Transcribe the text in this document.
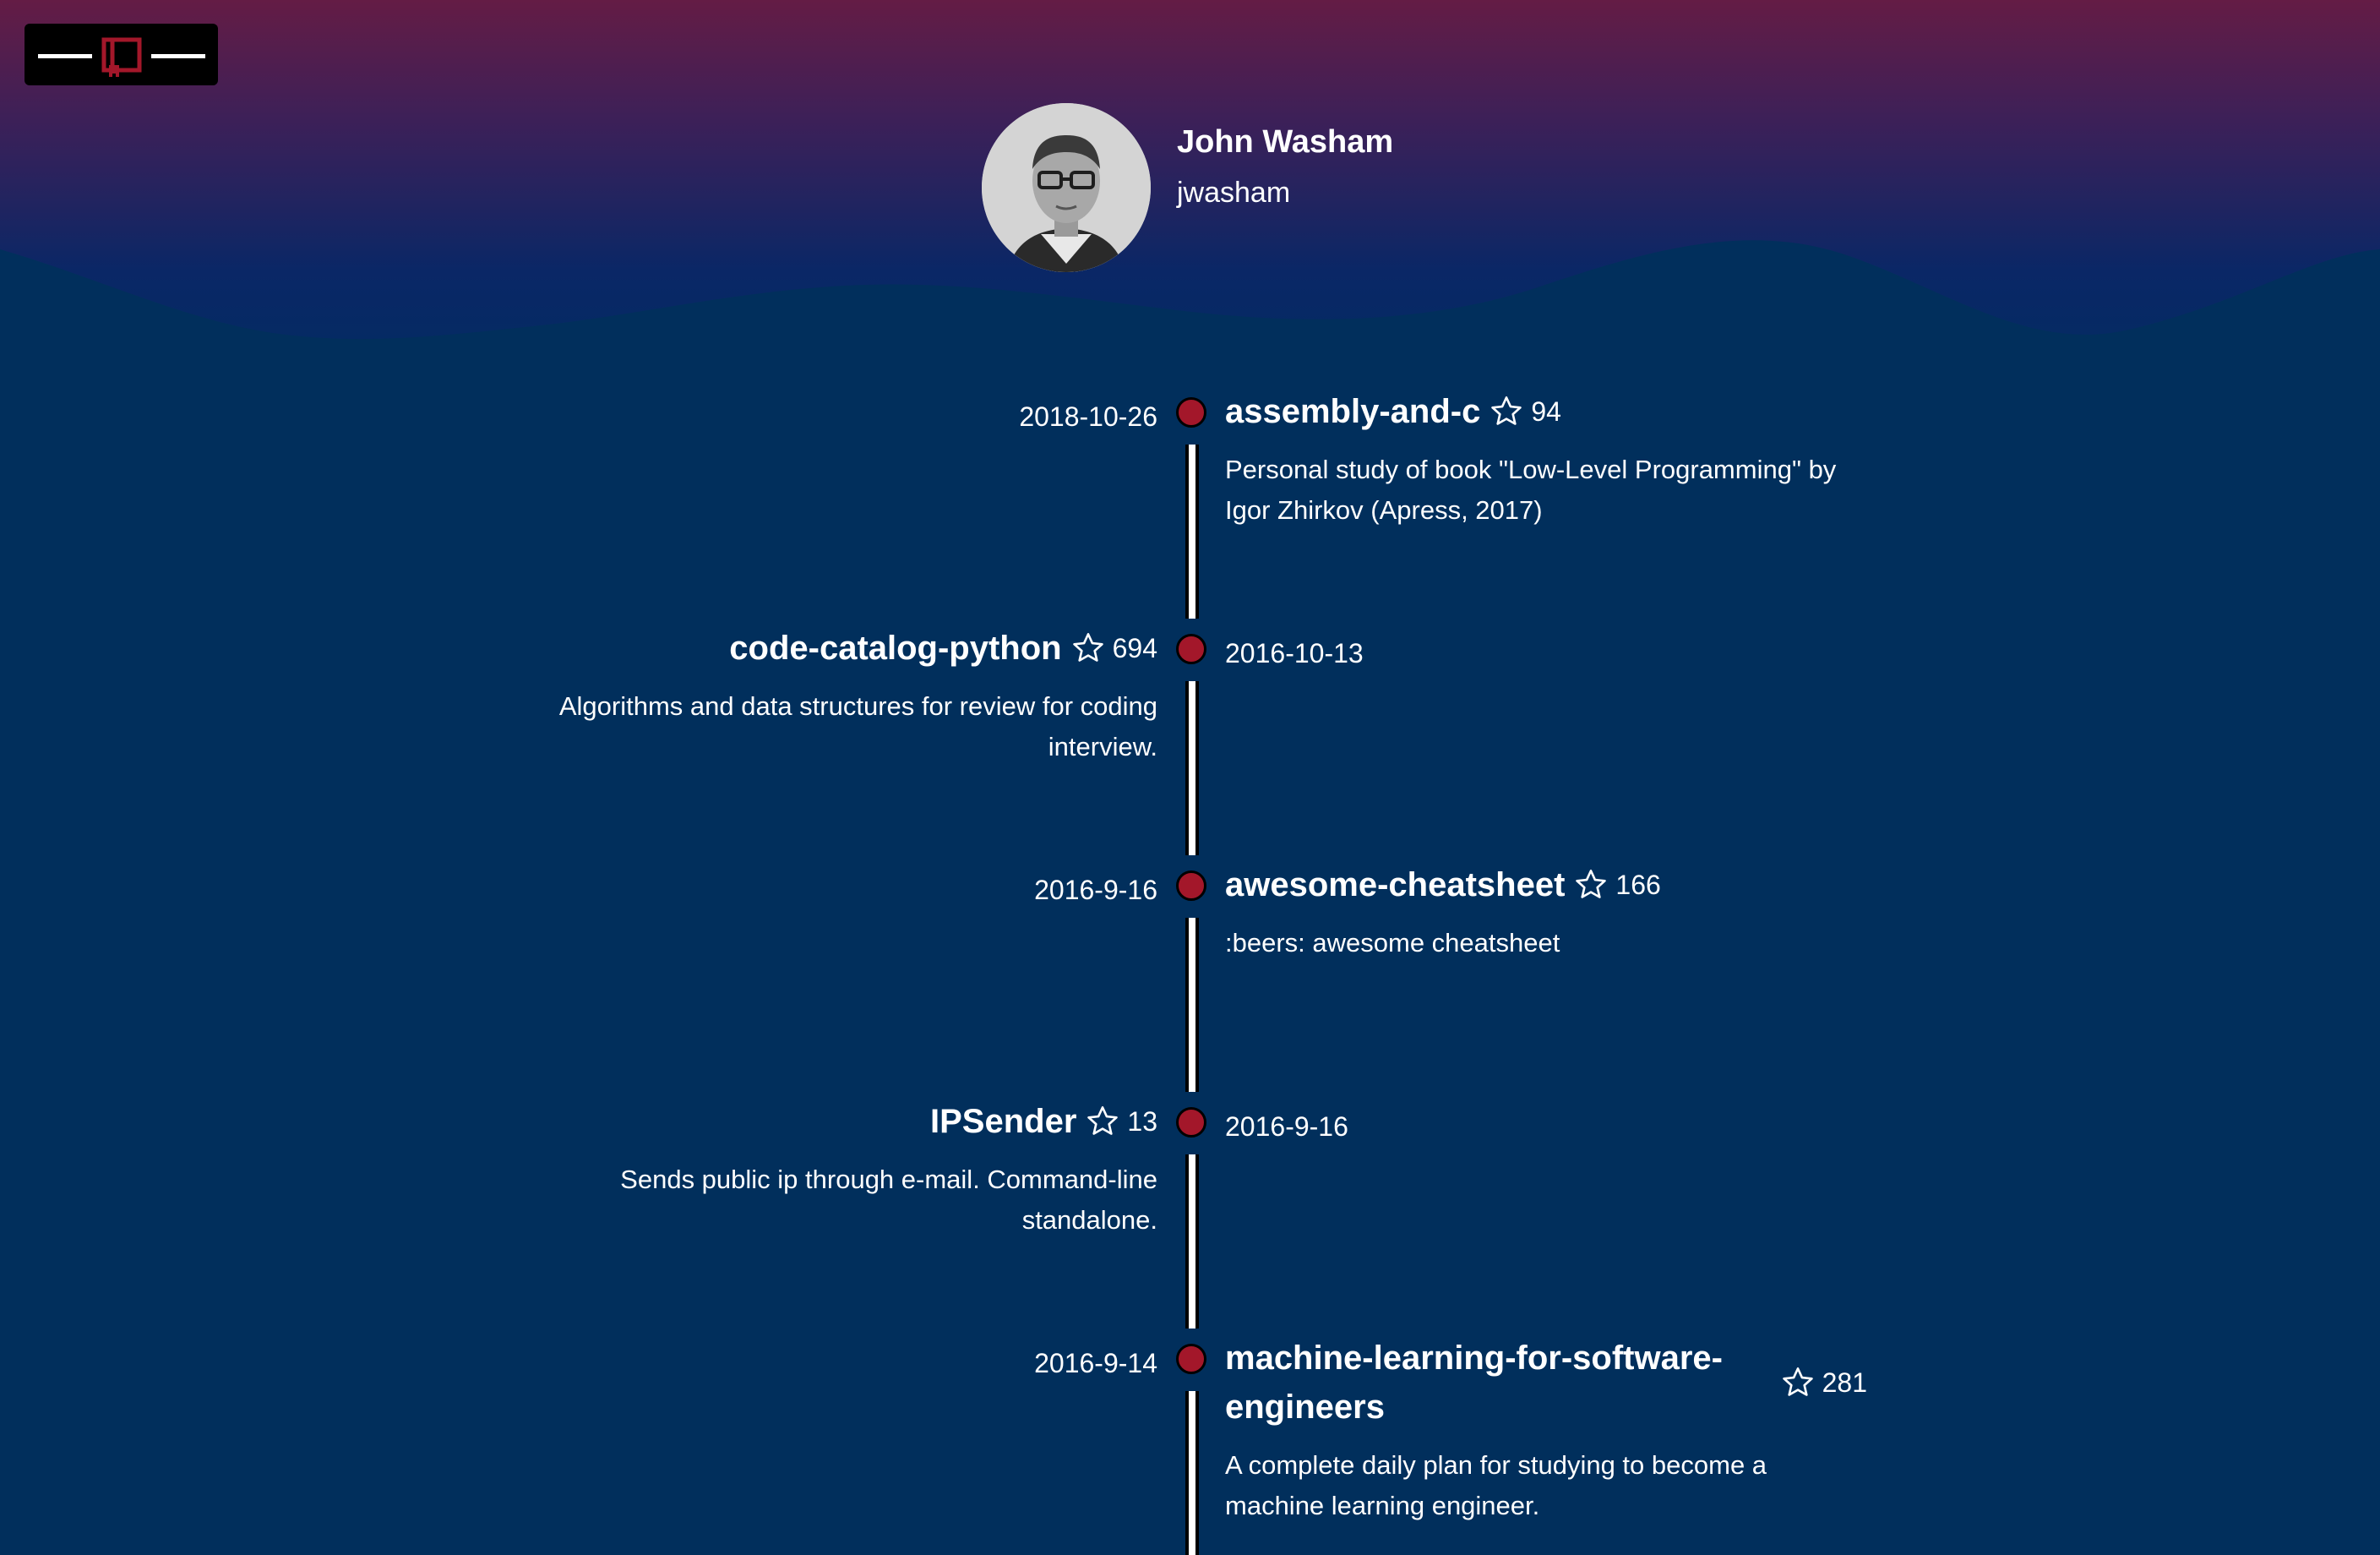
John Washam
jwasham
2018-10-26 assembly-and-c 94
Personal study of book "Low-Level Programming" by Igor Zhirkov (Apress, 2017)
2016-10-13
code-catalog-python 694
Algorithms and data structures for review for coding interview.
2016-9-16 awesome-cheatsheet 166
:beers: awesome cheatsheet
2016-9-16
IPSender 13
Sends public ip through e-mail. Command-line standalone.
2016-9-14 machine-learning-for-software-engineers
281
A complete daily plan for studying to become a machine learning engineer.
